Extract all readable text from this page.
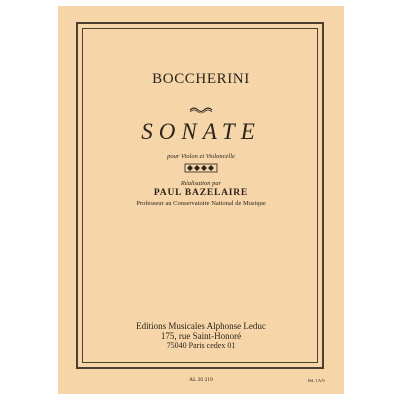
BOCCHERINI
SONATE
pour Violon et Violoncelle
Réalisation par
PAUL BAZELAIRE
Professeur au Conservatoire National de Musique
Editions Musicales Alphonse Leduc
175, rue Saint-Honoré
75040 Paris cedex 01
AL 20 219	Bd. I A/9
